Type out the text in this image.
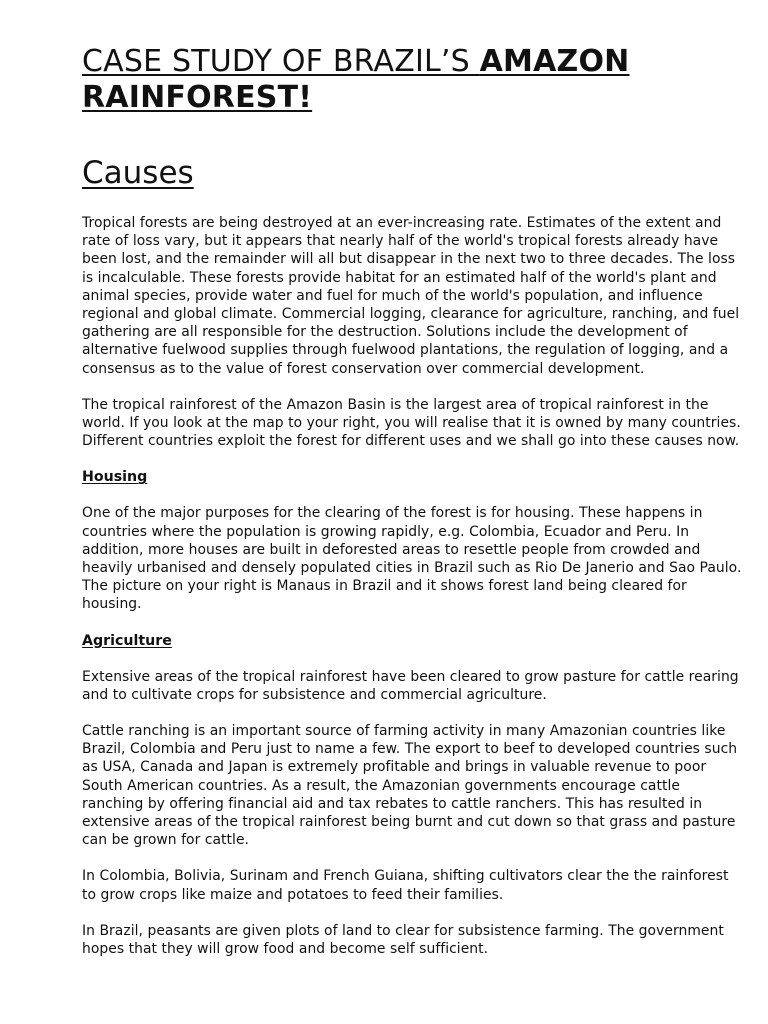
CASE STUDY OF BRAZIL’S AMAZON
RAINFOREST!
Causes

Tropical forests are being destroyed at an ever-increasing rate. Estimates of the extent and rate of loss vary, but it appears that nearly half of the world's tropical forests already have been lost, and the remainder will all but disappear in the next two to three decades. The loss is incalculable. These forests provide habitat for an estimated half of the world's plant and animal species, provide water and fuel for much of the world's population, and influence regional and global climate. Commercial logging, clearance for agriculture, ranching, and fuel gathering are all responsible for the destruction. Solutions include the development of alternative fuelwood supplies through fuelwood plantations, the regulation of logging, and a consensus as to the value of forest conservation over commercial development.

The tropical rainforest of the Amazon Basin is the largest area of tropical rainforest in the world. If you look at the map to your right, you will realise that it is owned by many countries. Different countries exploit the forest for different uses and we shall go into these causes now.

Housing

One of the major purposes for the clearing of the forest is for housing. These happens in countries where the population is growing rapidly, e.g. Colombia, Ecuador and Peru. In addition, more houses are built in deforested areas to resettle people from crowded and heavily urbanised and densely populated cities in Brazil such as Rio De Janerio and Sao Paulo. The picture on your right is Manaus in Brazil and it shows forest land being cleared for housing.

Agriculture

Extensive areas of the tropical rainforest have been cleared to grow pasture for cattle rearing and to cultivate crops for subsistence and commercial agriculture.

Cattle ranching is an important source of farming activity in many Amazonian countries like Brazil, Colombia and Peru just to name a few. The export to beef to developed countries such as USA, Canada and Japan is extremely profitable and brings in valuable revenue to poor South American countries. As a result, the Amazonian governments encourage cattle ranching by offering financial aid and tax rebates to cattle ranchers. This has resulted in extensive areas of the tropical rainforest being burnt and cut down so that grass and pasture can be grown for cattle.

In Colombia, Bolivia, Surinam and French Guiana, shifting cultivators clear the the rainforest to grow crops like maize and potatoes to feed their families.

In Brazil, peasants are given plots of land to clear for subsistence farming. The government hopes that they will grow food and become self sufficient.
